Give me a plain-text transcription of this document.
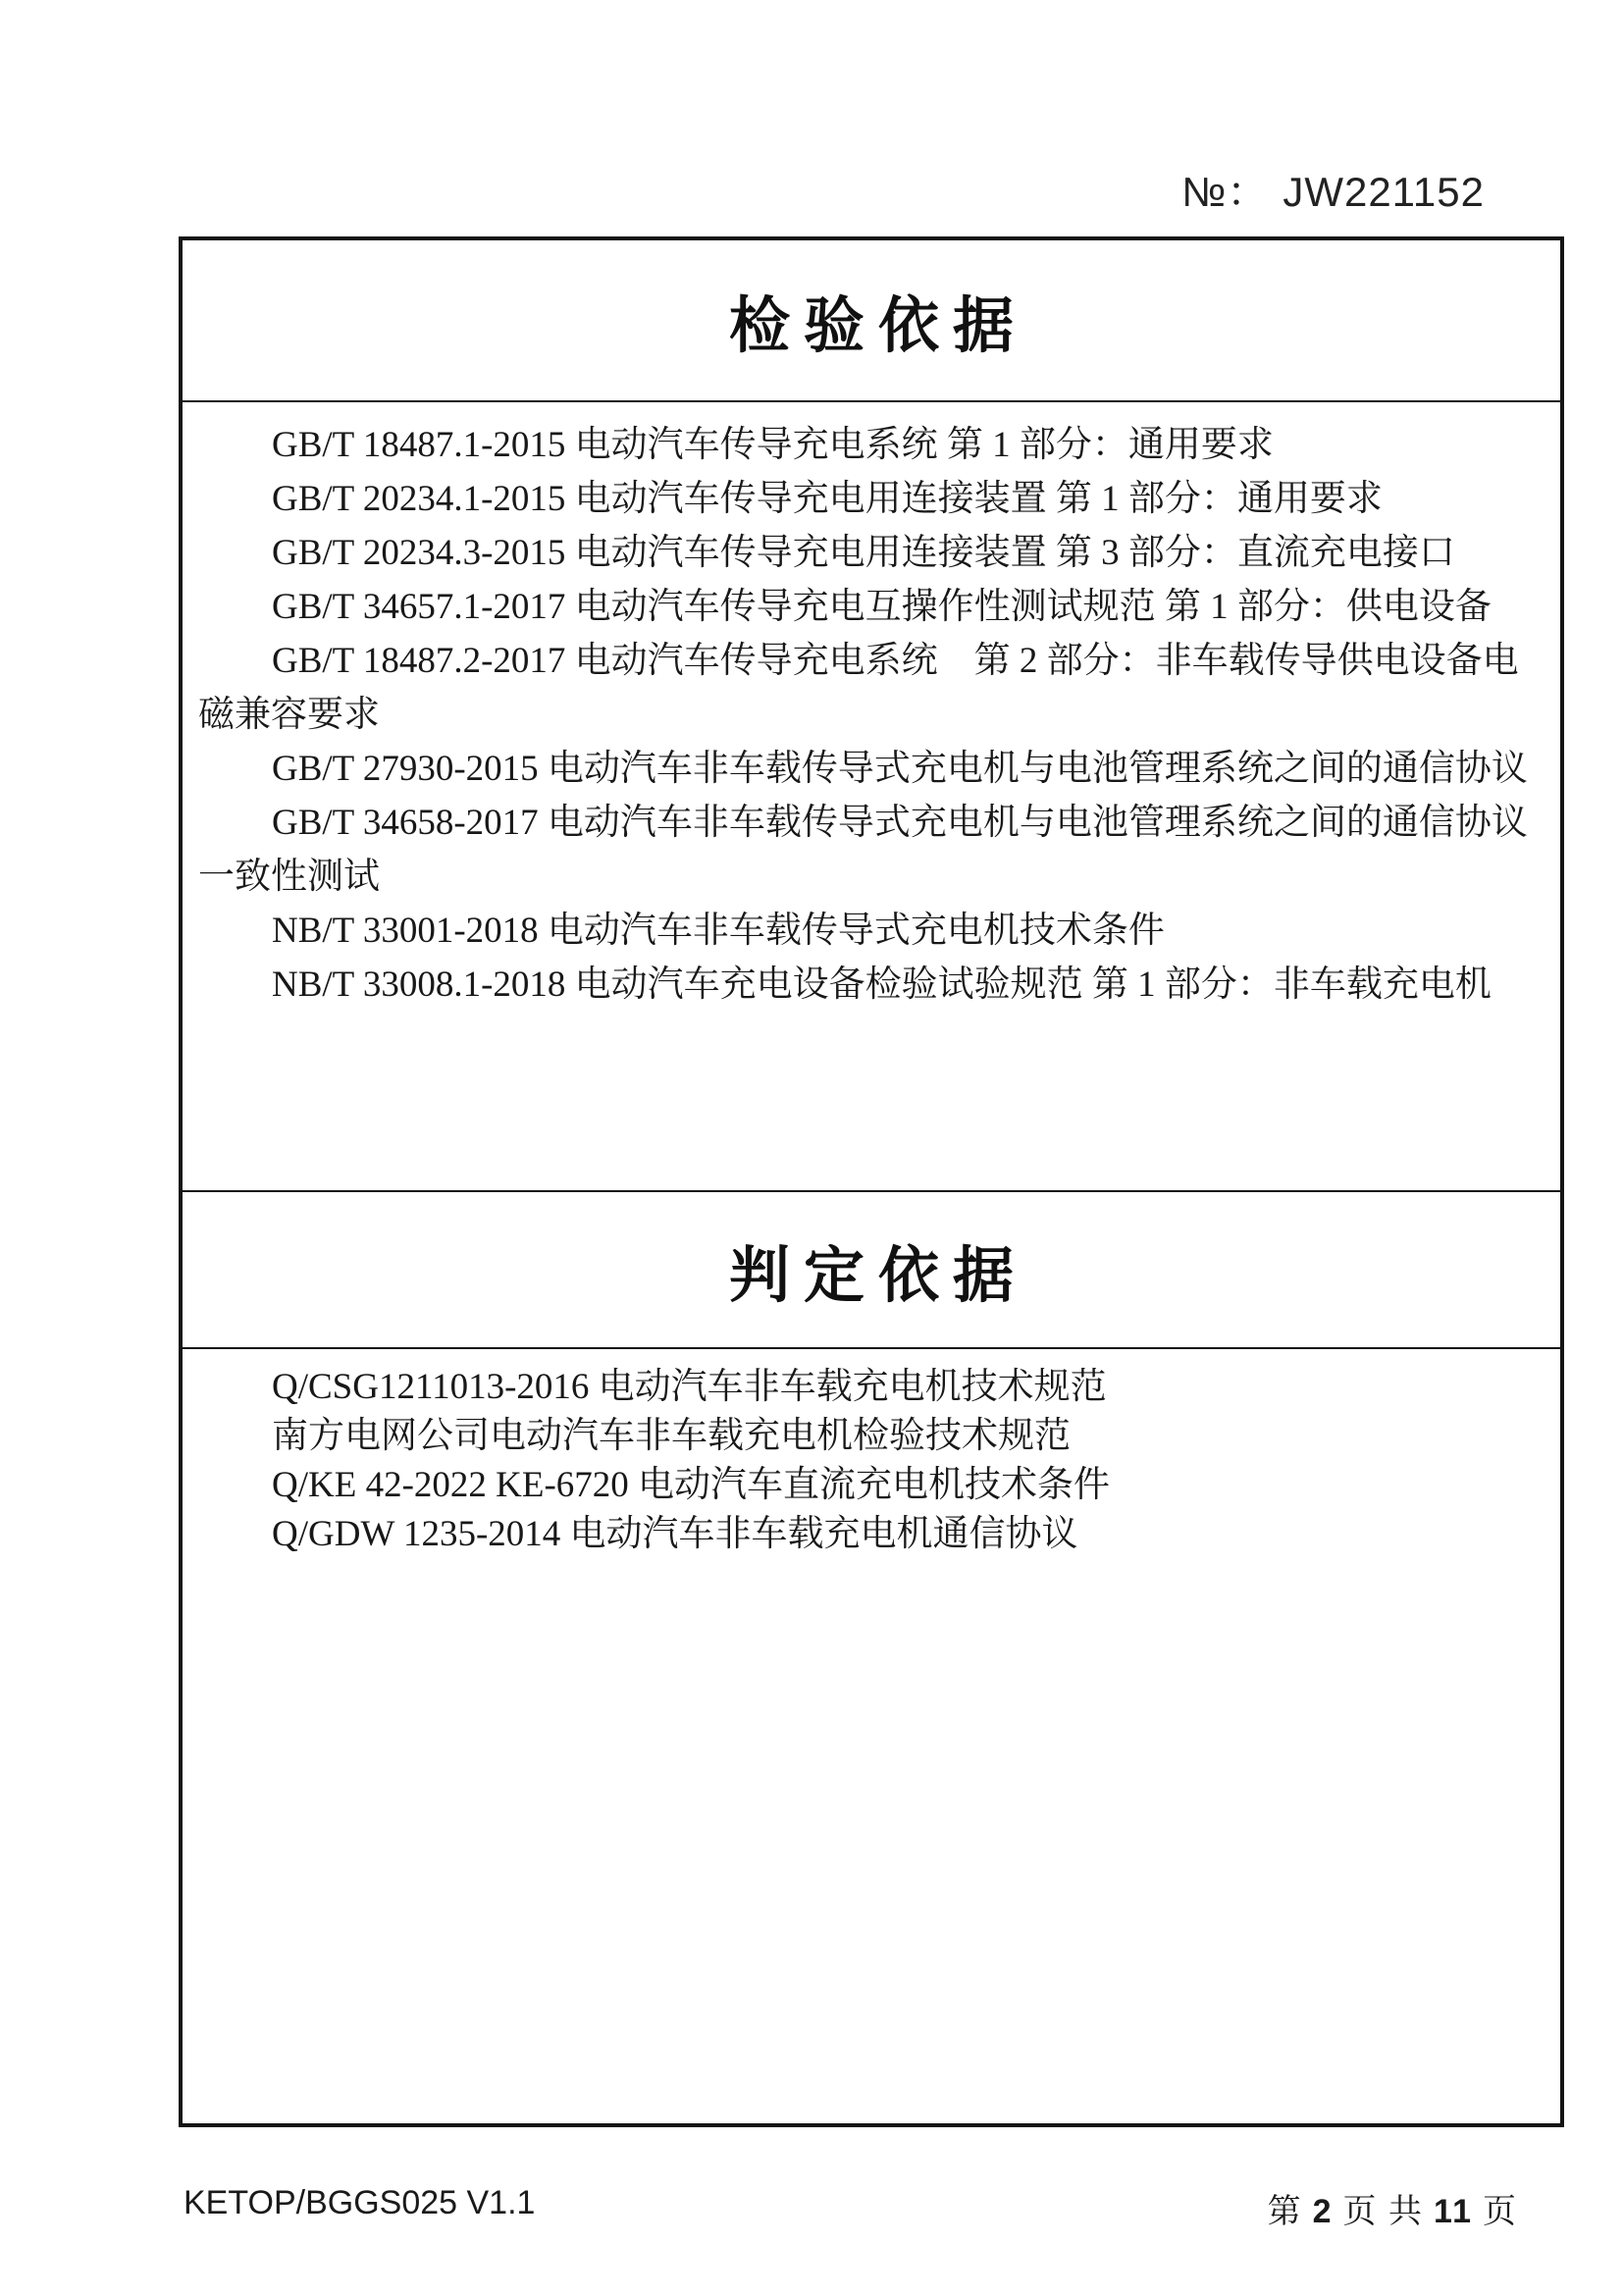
№： JW221152
检验依据

GB/T 18487.1-2015 电动汽车传导充电系统 第 1 部分：通用要求

GB/T 20234.1-2015 电动汽车传导充电用连接装置 第 1 部分：通用要求

GB/T 20234.3-2015 电动汽车传导充电用连接装置 第 3 部分：直流充电接口

GB/T 34657.1-2017 电动汽车传导充电互操作性测试规范 第 1 部分：供电设备

GB/T 18487.2-2017 电动汽车传导充电系统　第 2 部分：非车载传导供电设备电磁兼容要求

GB/T 27930-2015 电动汽车非车载传导式充电机与电池管理系统之间的通信协议

GB/T 34658-2017 电动汽车非车载传导式充电机与电池管理系统之间的通信协议一致性测试

NB/T 33001-2018 电动汽车非车载传导式充电机技术条件

NB/T 33008.1-2018 电动汽车充电设备检验试验规范 第 1 部分：非车载充电机

判定依据

Q/CSG1211013-2016 电动汽车非车载充电机技术规范

南方电网公司电动汽车非车载充电机检验技术规范

Q/KE 42-2022 KE-6720 电动汽车直流充电机技术条件

Q/GDW 1235-2014 电动汽车非车载充电机通信协议

KETOP/BGGS025 V1.1	第 2 页 共 11 页
